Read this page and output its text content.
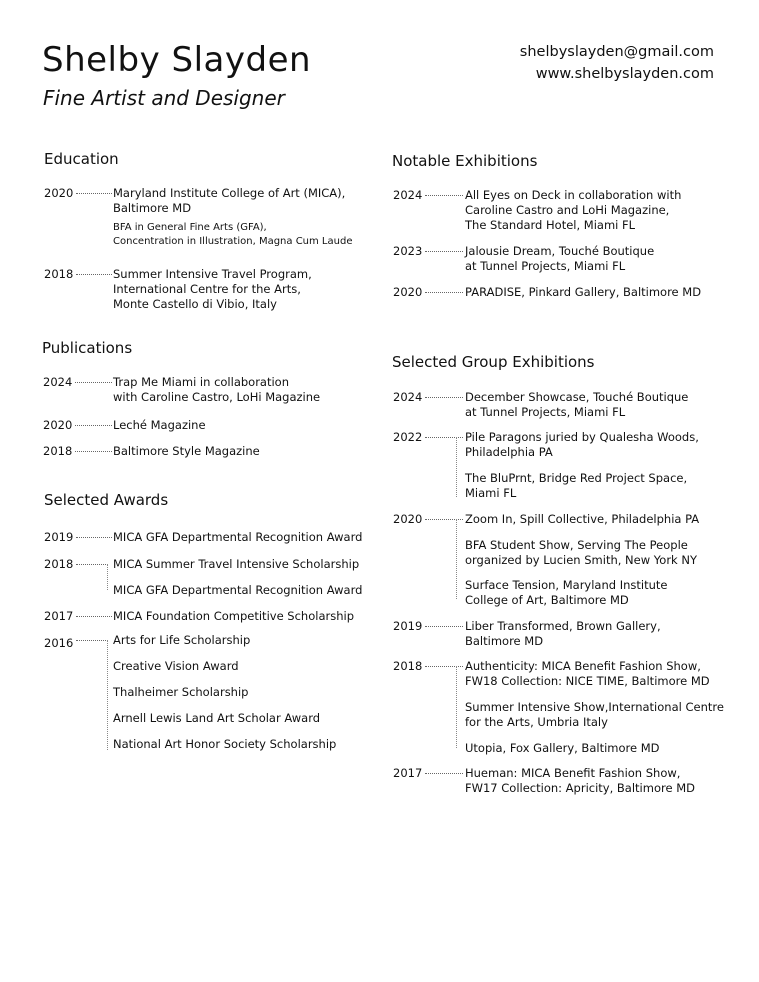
Shelby Slayden
Fine Artist and Designer
shelbyslayden@gmail.com
www.shelbyslayden.com
Education
2020	Maryland Institute College of Art (MICA),
Baltimore MD
BFA in General Fine Arts (GFA),
Concentration in Illustration, Magna Cum Laude
2018	Summer Intensive Travel Program,
International Centre for the Arts,
Monte Castello di Vibio, Italy
Publications
2024	Trap Me Miami in collaboration
with Caroline Castro, LoHi Magazine
2020	Leché Magazine
2018	Baltimore Style Magazine
Selected Awards
2019	MICA GFA Departmental Recognition Award
2018	MICA Summer Travel Intensive Scholarship
MICA GFA Departmental Recognition Award
2017	MICA Foundation Competitive Scholarship
2016	Arts for Life Scholarship
Creative Vision Award
Thalheimer Scholarship
Arnell Lewis Land Art Scholar Award
National Art Honor Society Scholarship
Notable Exhibitions
2024	All Eyes on Deck in collaboration with
Caroline Castro and LoHi Magazine,
The Standard Hotel, Miami FL
2023	Jalousie Dream, Touché Boutique
at Tunnel Projects, Miami FL
2020	PARADISE, Pinkard Gallery, Baltimore MD
Selected Group Exhibitions
2024	December Showcase, Touché Boutique
at Tunnel Projects, Miami FL
2022	Pile Paragons juried by Qualesha Woods,
Philadelphia PA
The BluPrnt, Bridge Red Project Space,
Miami FL
2020	Zoom In, Spill Collective, Philadelphia PA
BFA Student Show, Serving The People
organized by Lucien Smith, New York NY
Surface Tension, Maryland Institute
College of Art, Baltimore MD
2019	Liber Transformed, Brown Gallery,
Baltimore MD
2018	Authenticity: MICA Benefit Fashion Show,
FW18 Collection: NICE TIME, Baltimore MD
Summer Intensive Show,International Centre
for the Arts, Umbria Italy
Utopia, Fox Gallery, Baltimore MD
2017	Hueman: MICA Benefit Fashion Show,
FW17 Collection: Apricity, Baltimore MD
